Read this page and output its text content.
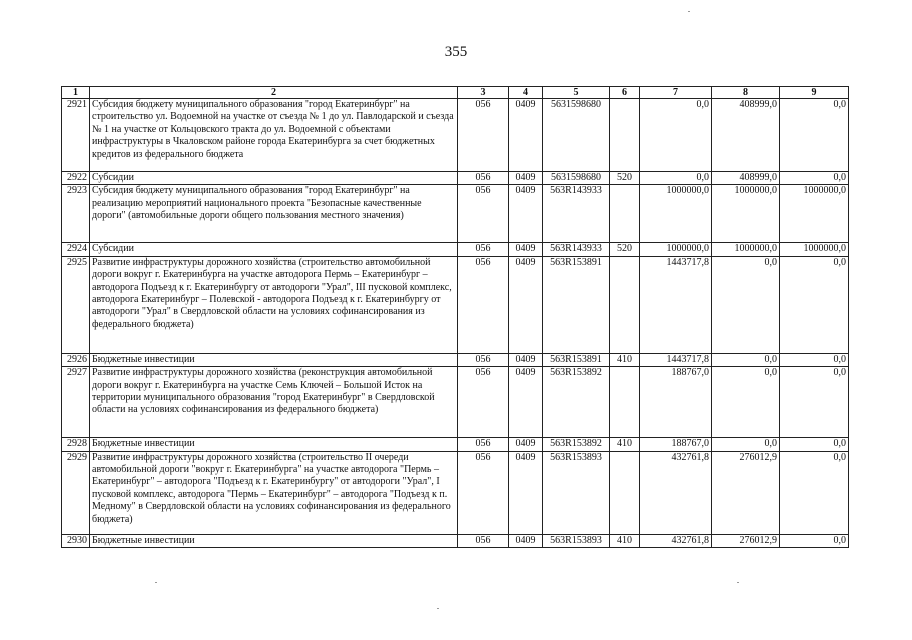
355
1	2	3	4	5	6	7	8	9
2921	Субсидия бюджету муниципального образования "город Екатеринбург" на строительство ул. Водоемной на участке от съезда № 1 до ул. Павлодарской и съезда № 1 на участке от Кольцовского тракта до ул. Водоемной с объектами инфраструктуры в Чкаловском районе города Екатеринбурга за счет бюджетных кредитов из федерального бюджета	056	0409	5631598680		0,0	408999,0	0,0
2922	Субсидии	056	0409	5631598680	520	0,0	408999,0	0,0
2923	Субсидия бюджету муниципального образования "город Екатеринбург" на реализацию мероприятий национального проекта "Безопасные качественные дороги" (автомобильные дороги общего пользования местного значения)	056	0409	563R143933		1000000,0	1000000,0	1000000,0
2924	Субсидии	056	0409	563R143933	520	1000000,0	1000000,0	1000000,0
2925	Развитие инфраструктуры дорожного хозяйства (строительство автомобильной дороги вокруг г. Екатеринбурга на участке автодорога Пермь – Екатеринбург – автодорога Подъезд к г. Екатеринбургу от автодороги "Урал", III пусковой комплекс, автодорога Екатеринбург – Полевской - автодорога Подъезд к г. Екатеринбургу от автодороги "Урал" в Свердловской области на условиях софинансирования из федерального бюджета)	056	0409	563R153891		1443717,8	0,0	0,0
2926	Бюджетные инвестиции	056	0409	563R153891	410	1443717,8	0,0	0,0
2927	Развитие инфраструктуры дорожного хозяйства (реконструкция автомобильной дороги вокруг г. Екатеринбурга на участке Семь Ключей – Большой Исток на территории муниципального образования "город Екатеринбург" в Свердловской области на условиях софинансирования из федерального бюджета)	056	0409	563R153892		188767,0	0,0	0,0
2928	Бюджетные инвестиции	056	0409	563R153892	410	188767,0	0,0	0,0
2929	Развитие инфраструктуры дорожного хозяйства (строительство II очереди автомобильной дороги "вокруг г. Екатеринбурга" на участке автодорога "Пермь – Екатеринбург" – автодорога "Подъезд к г. Екатеринбургу" от автодороги "Урал", I пусковой комплекс, автодорога "Пермь – Екатеринбург" – автодорога "Подъезд к п. Медному" в Свердловской области на условиях софинансирования из федерального бюджета)	056	0409	563R153893		432761,8	276012,9	0,0
2930	Бюджетные инвестиции	056	0409	563R153893	410	432761,8	276012,9	0,0
